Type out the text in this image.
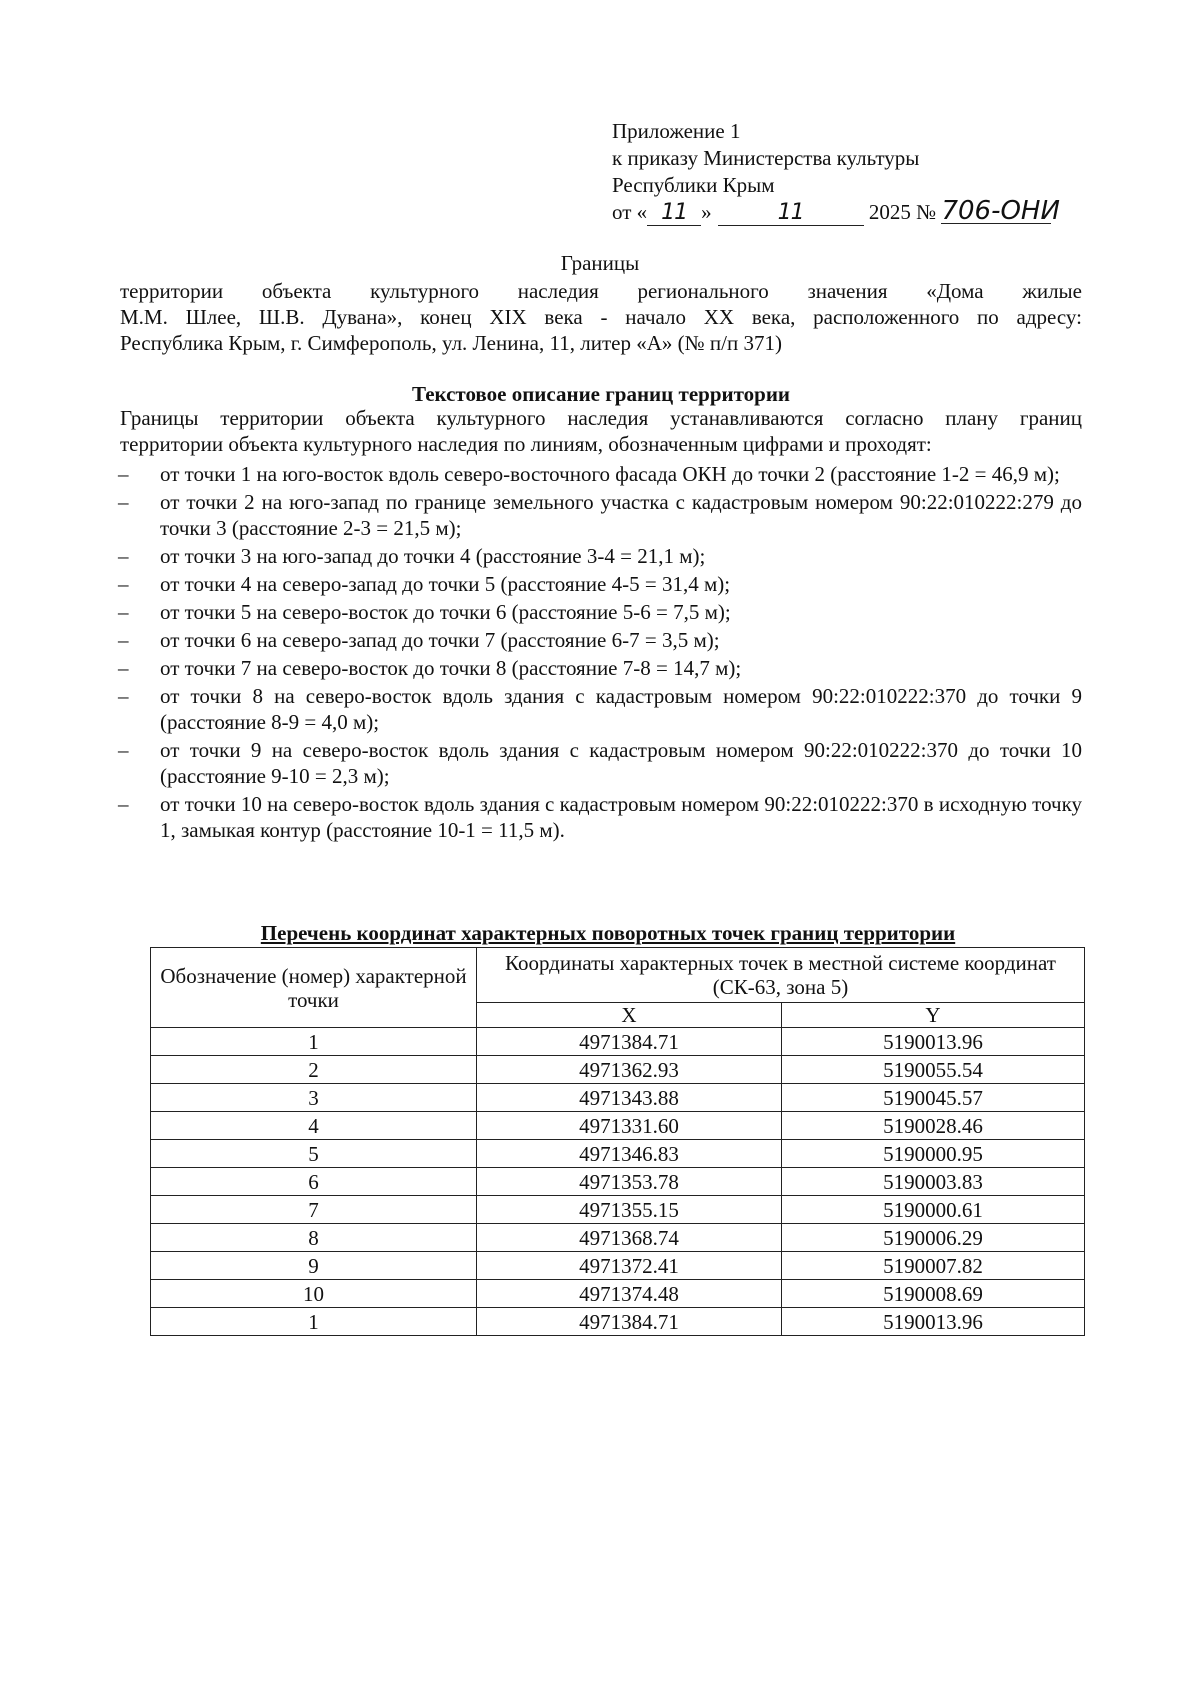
Приложение 1
к приказу Министерства культуры
Республики Крым
от « 11 »	11	2025 № 706-ОНИ
Границы
территории объекта культурного наследия регионального значения «Дома жилые
М.М. Шлее, Ш.В. Дувана», конец XIX века - начало XX века, расположенного по адресу:
Республика Крым, г. Симферополь, ул. Ленина, 11, литер «А» (№ п/п 371)
Текстовое описание границ территории
Границы территории объекта культурного наследия устанавливаются согласно плану границ
территории объекта культурного наследия по линиям, обозначенным цифрами и проходят:
–	от точки 1 на юго-восток вдоль северо-восточного фасада ОКН до точки 2 (расстояние 1-2 = 46,9 м);
–	от точки 2 на юго-запад по границе земельного участка с кадастровым номером 90:22:010222:279 до точки 3 (расстояние 2-3 = 21,5 м);
–	от точки 3 на юго-запад до точки 4 (расстояние 3-4 = 21,1 м);
–	от точки 4 на северо-запад до точки 5 (расстояние 4-5 = 31,4 м);
–	от точки 5 на северо-восток до точки 6 (расстояние 5-6 = 7,5 м);
–	от точки 6 на северо-запад до точки 7 (расстояние 6-7 = 3,5 м);
–	от точки 7 на северо-восток до точки 8 (расстояние 7-8 = 14,7 м);
–	от точки 8 на северо-восток вдоль здания с кадастровым номером 90:22:010222:370 до точки 9 (расстояние 8-9 = 4,0 м);
–	от точки 9 на северо-восток вдоль здания с кадастровым номером 90:22:010222:370 до точки 10 (расстояние 9-10 = 2,3 м);
–	от точки 10 на северо-восток вдоль здания с кадастровым номером 90:22:010222:370 в исходную точку 1, замыкая контур (расстояние 10-1 = 11,5 м).
Перечень координат характерных поворотных точек границ территории
Обозначение (номер) характерной точки	Координаты характерных точек в местной системе координат (СК-63, зона 5)	
	X	Y
1	4971384.71	5190013.96
2	4971362.93	5190055.54
3	4971343.88	5190045.57
4	4971331.60	5190028.46
5	4971346.83	5190000.95
6	4971353.78	5190003.83
7	4971355.15	5190000.61
8	4971368.74	5190006.29
9	4971372.41	5190007.82
10	4971374.48	5190008.69
1	4971384.71	5190013.96
